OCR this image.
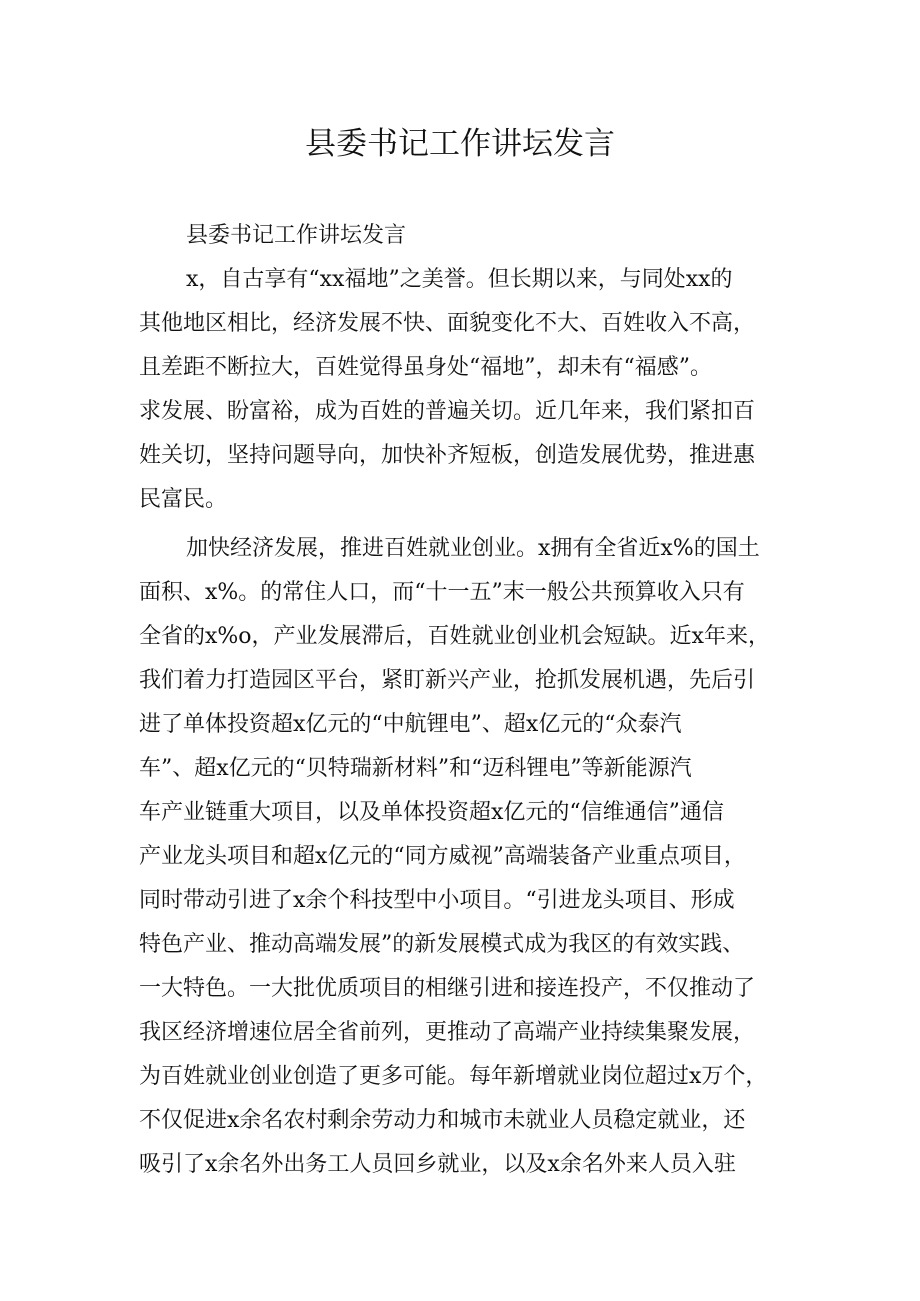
县委书记工作讲坛发言
县委书记工作讲坛发言
x，自古享有“xx福地”之美誉。但长期以来，与同处xx的
其他地区相比，经济发展不快、面貌变化不大、百姓收入不高，
且差距不断拉大，百姓觉得虽身处“福地”，却未有“福感”。
求发展、盼富裕，成为百姓的普遍关切。近几年来，我们紧扣百
姓关切，坚持问题导向，加快补齐短板，创造发展优势，推进惠
民富民。
加快经济发展，推进百姓就业创业。x拥有全省近x%的国土
面积、x%。的常住人口，而“十一五”末一般公共预算收入只有
全省的x%o，产业发展滞后，百姓就业创业机会短缺。近x年来，
我们着力打造园区平台，紧盯新兴产业，抢抓发展机遇，先后引
进了单体投资超x亿元的“中航锂电”、超x亿元的“众泰汽
车”、超x亿元的“贝特瑞新材料”和“迈科锂电”等新能源汽
车产业链重大项目，以及单体投资超x亿元的“信维通信”通信
产业龙头项目和超x亿元的“同方威视”高端装备产业重点项目，
同时带动引进了x余个科技型中小项目。“引进龙头项目、形成
特色产业、推动高端发展”的新发展模式成为我区的有效实践、
一大特色。一大批优质项目的相继引进和接连投产，不仅推动了
我区经济增速位居全省前列，更推动了高端产业持续集聚发展，
为百姓就业创业创造了更多可能。每年新增就业岗位超过x万个，
不仅促进x余名农村剩余劳动力和城市未就业人员稳定就业，还
吸引了x余名外出务工人员回乡就业，以及x余名外来人员入驻
